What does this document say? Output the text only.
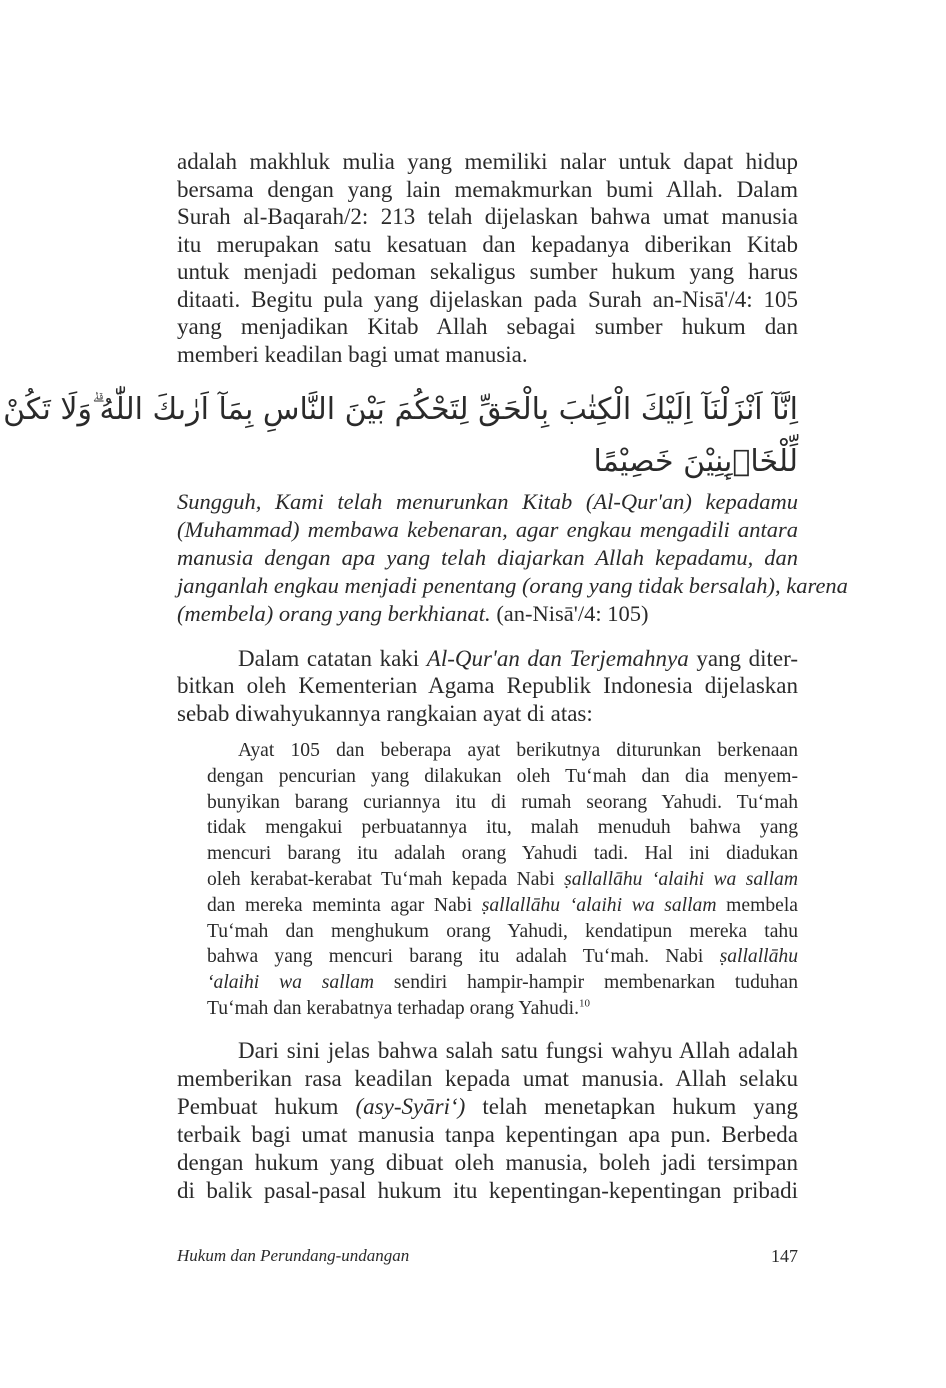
adalah makhluk mulia yang memiliki nalar untuk dapat hidup
bersama dengan yang lain memakmurkan bumi Allah. Dalam
Surah al-Baqarah/2: 213 telah dijelaskan bahwa umat manusia
itu merupakan satu kesatuan dan kepadanya diberikan Kitab
untuk menjadi pedoman sekaligus sumber hukum yang harus
ditaati. Begitu pula yang dijelaskan pada Surah an-Nisā'/4: 105
yang menjadikan Kitab Allah sebagai sumber hukum dan
memberi keadilan bagi umat manusia.
اِنَّآ اَنْزَلْنَآ اِلَيْكَ الْكِتٰبَ بِالْحَقِّ لِتَحْكُمَ بَيْنَ النَّاسِ بِمَآ اَرٰىكَ اللّٰهُ ۗوَلَا تَكُنْ
لِّلْخَاۤىِٕنِيْنَ خَصِيْمًا
Sungguh, Kami telah menurunkan Kitab (Al-Qur'an) kepadamu
(Muhammad) membawa kebenaran, agar engkau mengadili antara
manusia dengan apa yang telah diajarkan Allah kepadamu, dan
janganlah engkau menjadi penentang (orang yang tidak bersalah), karena
(membela) orang yang berkhianat. (an-Nisā'/4: 105)
Dalam catatan kaki Al-Qur'an dan Terjemahnya yang diter-
bitkan oleh Kementerian Agama Republik Indonesia dijelaskan
sebab diwahyukannya rangkaian ayat di atas:
Ayat 105 dan beberapa ayat berikutnya diturunkan berkenaan
dengan pencurian yang dilakukan oleh Tu‘mah dan dia menyem-
bunyikan barang curiannya itu di rumah seorang Yahudi. Tu‘mah
tidak mengakui perbuatannya itu, malah menuduh bahwa yang
mencuri barang itu adalah orang Yahudi tadi. Hal ini diadukan
oleh kerabat-kerabat Tu‘mah kepada Nabi ṣallallāhu ‘alaihi wa sallam
dan mereka meminta agar Nabi ṣallallāhu ‘alaihi wa sallam membela
Tu‘mah dan menghukum orang Yahudi, kendatipun mereka tahu
bahwa yang mencuri barang itu adalah Tu‘mah. Nabi ṣallallāhu
‘alaihi wa sallam sendiri hampir-hampir membenarkan tuduhan
Tu‘mah dan kerabatnya terhadap orang Yahudi.$^{10}$
Dari sini jelas bahwa salah satu fungsi wahyu Allah adalah
memberikan rasa keadilan kepada umat manusia. Allah selaku
Pembuat hukum (asy-Syāri‘) telah menetapkan hukum yang
terbaik bagi umat manusia tanpa kepentingan apa pun. Berbeda
dengan hukum yang dibuat oleh manusia, boleh jadi tersimpan
di balik pasal-pasal hukum itu kepentingan-kepentingan pribadi
Hukum dan Perundang-undangan	147
